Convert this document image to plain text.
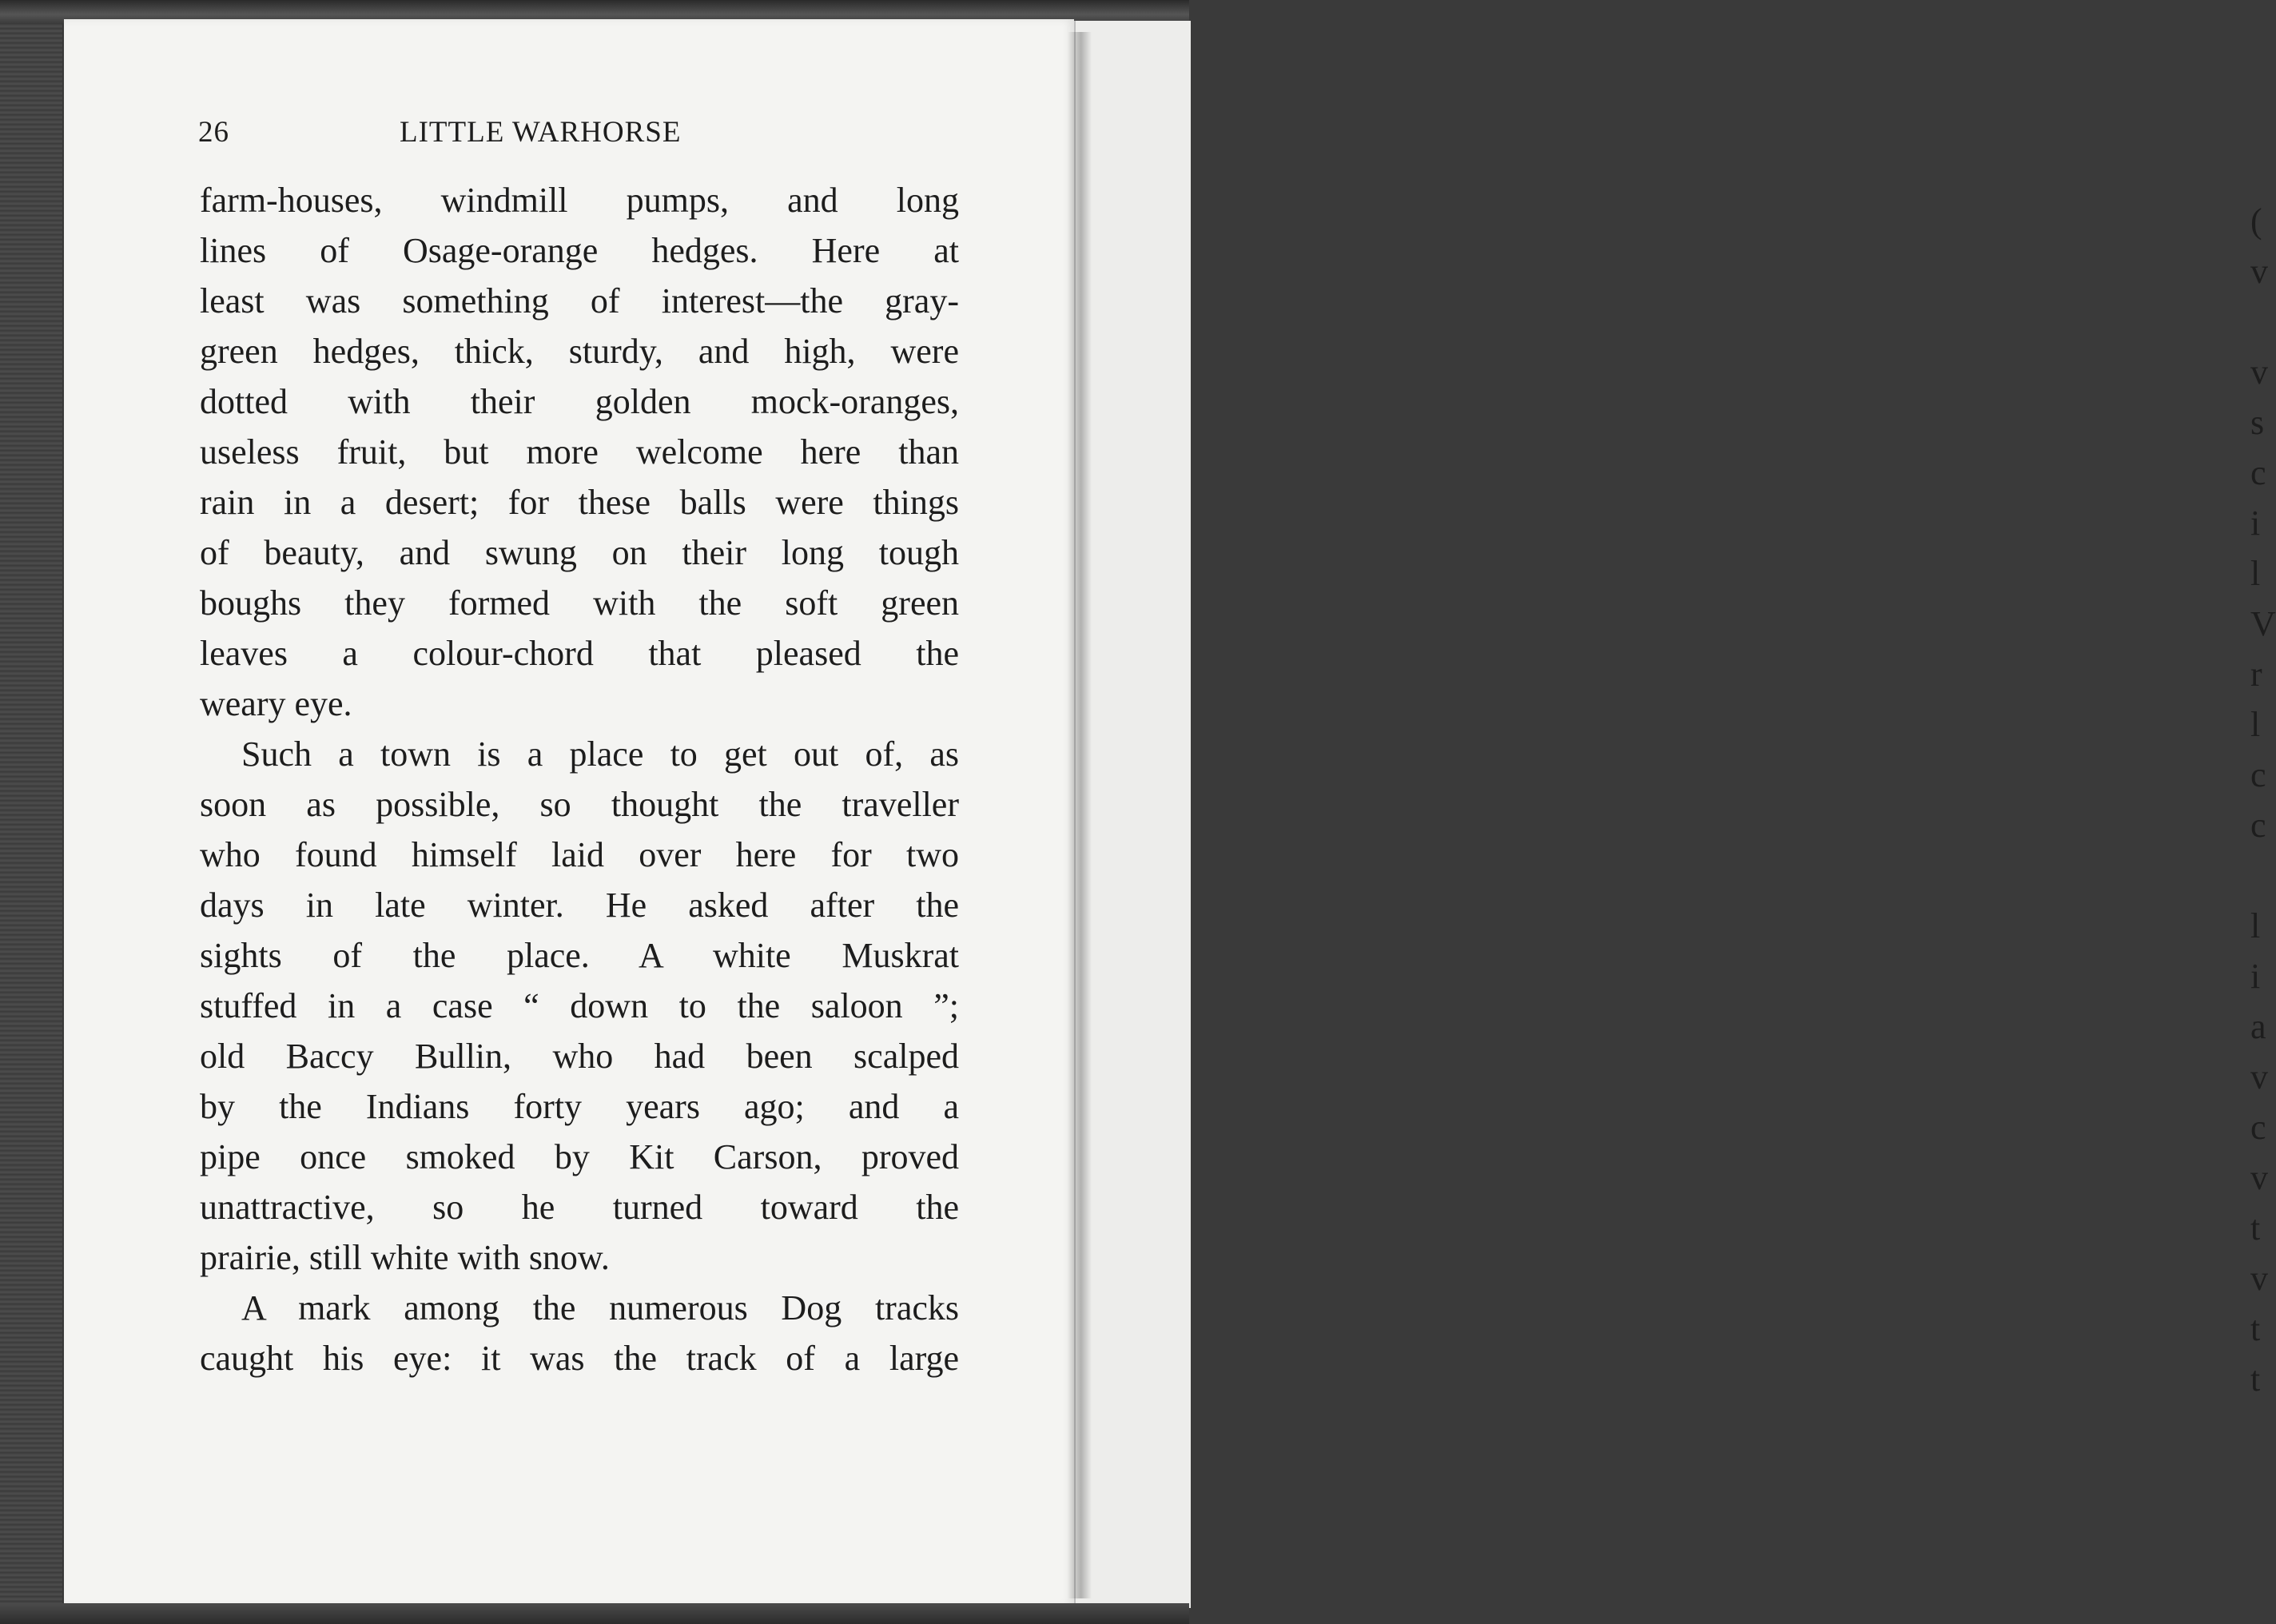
(
v
v
s
c
i
l
V
r
l
c
c
l
i
a
v
c
v
t
v
t
t
26	LITTLE WARHORSE
farm-houses, windmill pumps, and long
lines of Osage-orange hedges. Here at
least was something of interest—the gray-
green hedges, thick, sturdy, and high, were
dotted with their golden mock-oranges,
useless fruit, but more welcome here than
rain in a desert; for these balls were things
of beauty, and swung on their long tough
boughs they formed with the soft green
leaves a colour-chord that pleased the
weary eye.
Such a town is a place to get out of, as
soon as possible, so thought the traveller
who found himself laid over here for two
days in late winter. He asked after the
sights of the place. A white Muskrat
stuffed in a case “ down to the saloon ”;
old Baccy Bullin, who had been scalped
by the Indians forty years ago; and a
pipe once smoked by Kit Carson, proved
unattractive, so he turned toward the
prairie, still white with snow.
A mark among the numerous Dog tracks
caught his eye: it was the track of a large
